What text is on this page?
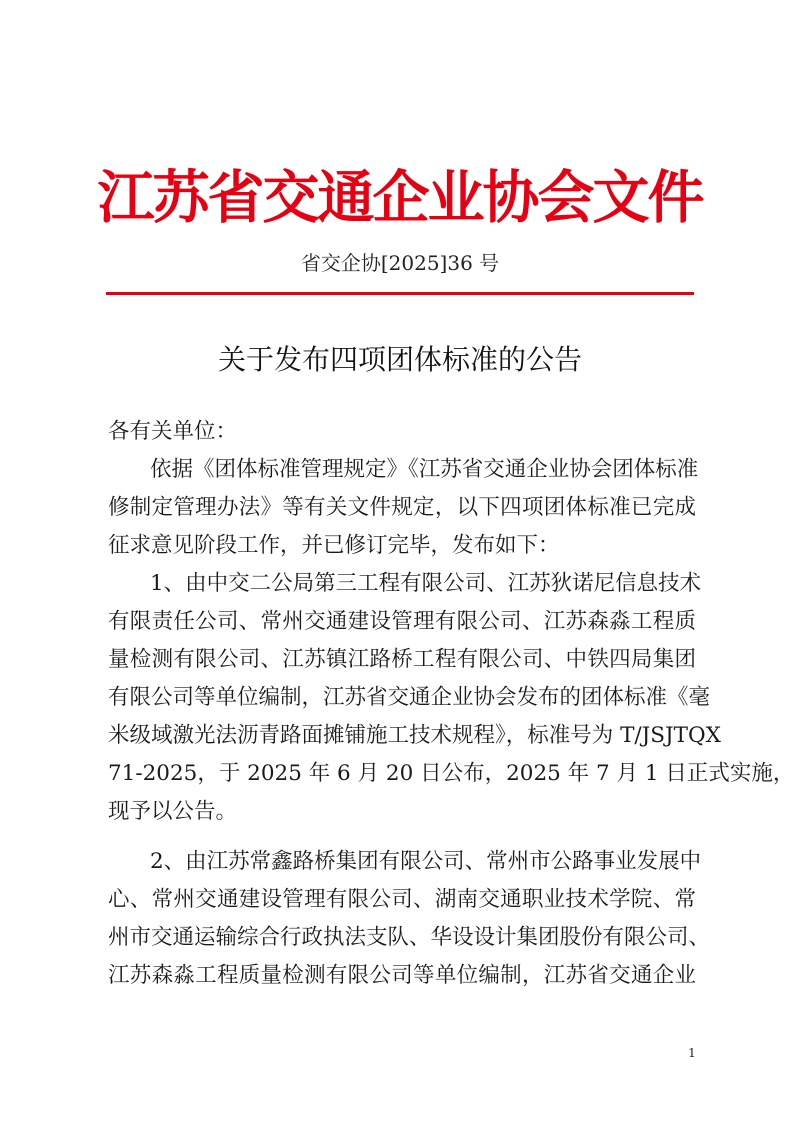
江苏省交通企业协会文件
省交企协[2025]36 号
关于发布四项团体标准的公告
各有关单位：
依据《团体标准管理规定》《江苏省交通企业协会团体标准
修制定管理办法》等有关文件规定，以下四项团体标准已完成
征求意见阶段工作，并已修订完毕，发布如下：
1、由中交二公局第三工程有限公司、江苏狄诺尼信息技术
有限责任公司、常州交通建设管理有限公司、江苏森淼工程质
量检测有限公司、江苏镇江路桥工程有限公司、中铁四局集团
有限公司等单位编制，江苏省交通企业协会发布的团体标准《毫
米级域激光法沥青路面摊铺施工技术规程》，标准号为 T/JSJTQX
71-2025，于 2025 年 6 月 20 日公布，2025 年 7 月 1 日正式实施，
现予以公告。
2、由江苏常鑫路桥集团有限公司、常州市公路事业发展中
心、常州交通建设管理有限公司、湖南交通职业技术学院、常
州市交通运输综合行政执法支队、华设设计集团股份有限公司、
江苏森淼工程质量检测有限公司等单位编制，江苏省交通企业
1
